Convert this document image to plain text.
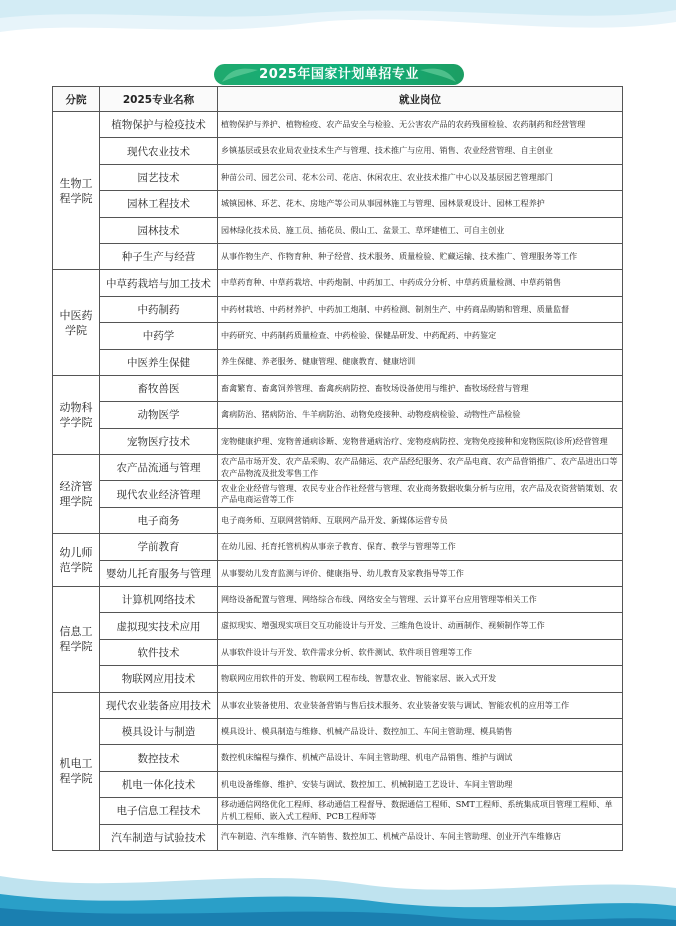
2025年国家计划单招专业
分院	2025专业名称	就业岗位
生物工
程学院	植物保护与检疫技术	植物保护与养护、植物检疫、农产品安全与检验、无公害农产品的农药残留检验、农药制药和经营管理
	现代农业技术	乡镇基层或县农业局农业技术生产与管理、技术推广与应用、销售、农业经营管理、自主创业
	园艺技术	种苗公司、园艺公司、花木公司、花店、休闲农庄、农业技术推广中心以及基层园艺管理部门
	园林工程技术	城镇园林、环艺、花木、房地产等公司从事园林施工与管理、园林景观设计、园林工程养护
	园林技术	园林绿化技术员、施工员、插花员、假山工、盆景工、草坪建植工、可自主创业
	种子生产与经营	从事作物生产、作物育种、种子经营、技术服务、质量检验、贮藏运输、技术推广、管理服务等工作
中医药
学院	中草药栽培与加工技术	中草药育种、中草药栽培、中药炮制、中药加工、中药成分分析、中草药质量检测、中草药销售
	中药制药	中药材栽培、中药材养护、中药加工炮制、中药检测、制剂生产、中药商品购销和管理、质量监督
	中药学	中药研究、中药制药质量检查、中药检验、保健品研发、中药配药、中药鉴定
	中医养生保健	养生保健、养老服务、健康管理、健康教育、健康培训
动物科
学学院	畜牧兽医	畜禽繁育、畜禽饲养管理、畜禽疾病防控、畜牧场设备使用与维护、畜牧场经营与管理
	动物医学	禽病防治、猪病防治、牛羊病防治、动物免疫接种、动物疫病检验、动物性产品检验
	宠物医疗技术	宠物健康护理、宠物普通病诊断、宠物普通病治疗、宠物疫病防控、宠物免疫接种和宠物医院(诊所)经营管理
经济管
理学院	农产品流通与管理	农产品市场开发、农产品采购、农产品储运、农产品经纪服务、农产品电商、农产品营销推广、农产品进出口等农产品物流及批发零售工作
	现代农业经济管理	农业企业经营与管理、农民专业合作社经营与管理、农业商务数据收集分析与应用，农产品及农资营销策划、农产品电商运营等工作
	电子商务	电子商务师、互联网营销师、互联网产品开发、新媒体运营专员
幼儿师
范学院	学前教育	在幼儿园、托育托管机构从事亲子教育、保育、教学与管理等工作
	婴幼儿托育服务与管理	从事婴幼儿发育监测与评价、健康指导、幼儿教育及家教指导等工作
信息工
程学院	计算机网络技术	网络设备配置与管理、网络综合布线、网络安全与管理、云计算平台应用管理等相关工作
	虚拟现实技术应用	虚拟现实、增强现实项目交互功能设计与开发、三维角色设计、动画制作、视频制作等工作
	软件技术	从事软件设计与开发、软件需求分析、软件测试、软件项目管理等工作
	物联网应用技术	物联网应用软件的开发、物联网工程布线、智慧农业、智能家居、嵌入式开发
机电工
程学院	现代农业装备应用技术	从事农业装备使用、农业装备营销与售后技术服务、农业装备安装与调试、智能农机的应用等工作
	模具设计与制造	模具设计、模具制造与维修、机械产品设计、数控加工、车间主管助理、模具销售
	数控技术	数控机床编程与操作、机械产品设计、车间主管助理、机电产品销售、维护与调试
	机电一体化技术	机电设备维修、维护、安装与调试、数控加工、机械制造工艺设计、车间主管助理
	电子信息工程技术	移动通信网络优化工程师、移动通信工程督导、数据通信工程师、SMT工程师、系统集成项目管理工程师、单片机工程师、嵌入式工程师、PCB工程师等
	汽车制造与试验技术	汽车制造、汽车维修、汽车销售、数控加工、机械产品设计、车间主管助理、创业开汽车维修店
